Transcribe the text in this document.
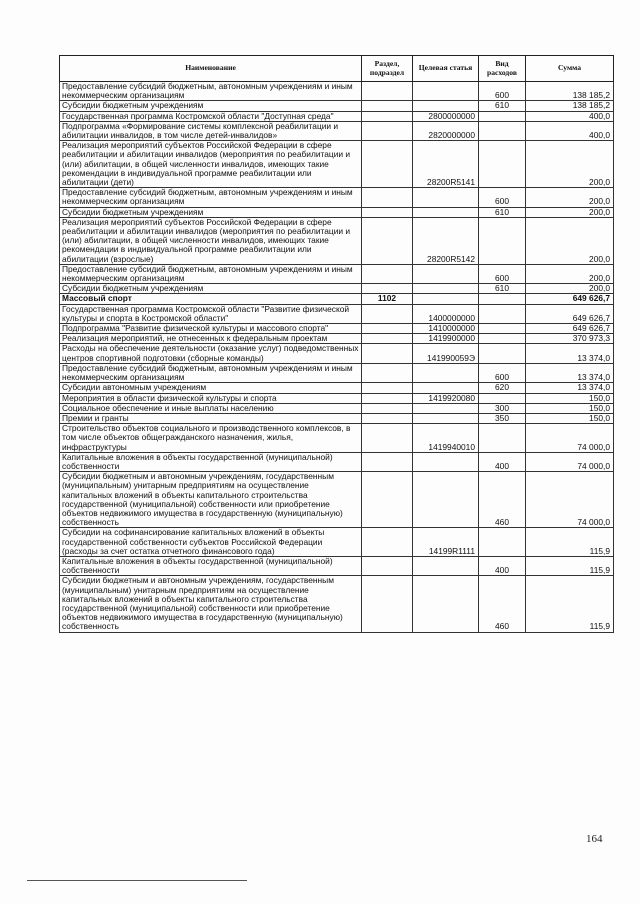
Наименование	Раздел, подраздел	Целевая статья	Вид расходов	Сумма
Предоставление субсидий бюджетным, автономным учреждениям и иным некоммерческим организациям			600	138 185,2
Субсидии бюджетным учреждениям			610	138 185,2
Государственная программа Костромской области "Доступная среда"		2800000000		400,0
Подпрограмма «Формирование системы комплексной реабилитации и абилитации инвалидов, в том числе детей-инвалидов»		2820000000		400,0
Реализация мероприятий субъектов Российской Федерации в сфере реабилитации и абилитации инвалидов (мероприятия по реабилитации и (или) абилитации, в общей численности инвалидов, имеющих такие рекомендации в индивидуальной программе реабилитации или абилитации (дети)		28200R5141		200,0
Предоставление субсидий бюджетным, автономным учреждениям и иным некоммерческим организациям			600	200,0
Субсидии бюджетным учреждениям			610	200,0
Реализация мероприятий субъектов Российской Федерации в сфере реабилитации и абилитации инвалидов (мероприятия по реабилитации и (или) абилитации, в общей численности инвалидов, имеющих такие рекомендации в индивидуальной программе реабилитации или абилитации (взрослые)		28200R5142		200,0
Предоставление субсидий бюджетным, автономным учреждениям и иным некоммерческим организациям			600	200,0
Субсидии бюджетным учреждениям			610	200,0
Массовый спорт	1102			649 626,7
Государственная программа Костромской области "Развитие физической культуры и спорта в Костромской области"		1400000000		649 626,7
Подпрограмма "Развитие физической культуры и массового спорта"		1410000000		649 626,7
Реализация мероприятий, не отнесенных к федеральным проектам		1419900000		370 973,3
Расходы на обеспечение деятельности (оказание услуг) подведомственных центров спортивной подготовки (сборные команды)		141990059Э		13 374,0
Предоставление субсидий бюджетным, автономным учреждениям и иным некоммерческим организациям			600	13 374,0
Субсидии автономным учреждениям			620	13 374,0
Мероприятия в области физической культуры и спорта		1419920080		150,0
Социальное обеспечение и иные выплаты населению			300	150,0
Премии и гранты			350	150,0
Строительство объектов социального и производственного комплексов, в том числе объектов общегражданского назначения, жилья, инфраструктуры		1419940010		74 000,0
Капитальные вложения в объекты государственной (муниципальной) собственности			400	74 000,0
Субсидии бюджетным и автономным учреждениям, государственным (муниципальным) унитарным предприятиям на осуществление капитальных вложений в объекты капитального строительства государственной (муниципальной) собственности или приобретение объектов недвижимого имущества в государственную (муниципальную) собственность			460	74 000,0
Субсидии на софинансирование капитальных вложений в объекты государственной собственности субъектов Российской Федерации (расходы за счет остатка отчетного финансового года)		14199R1111		115,9
Капитальные вложения в объекты государственной (муниципальной) собственности			400	115,9
Субсидии бюджетным и автономным учреждениям, государственным (муниципальным) унитарным предприятиям на осуществление капитальных вложений в объекты капитального строительства государственной (муниципальной) собственности или приобретение объектов недвижимого имущества в государственную (муниципальную) собственность			460	115,9
164
